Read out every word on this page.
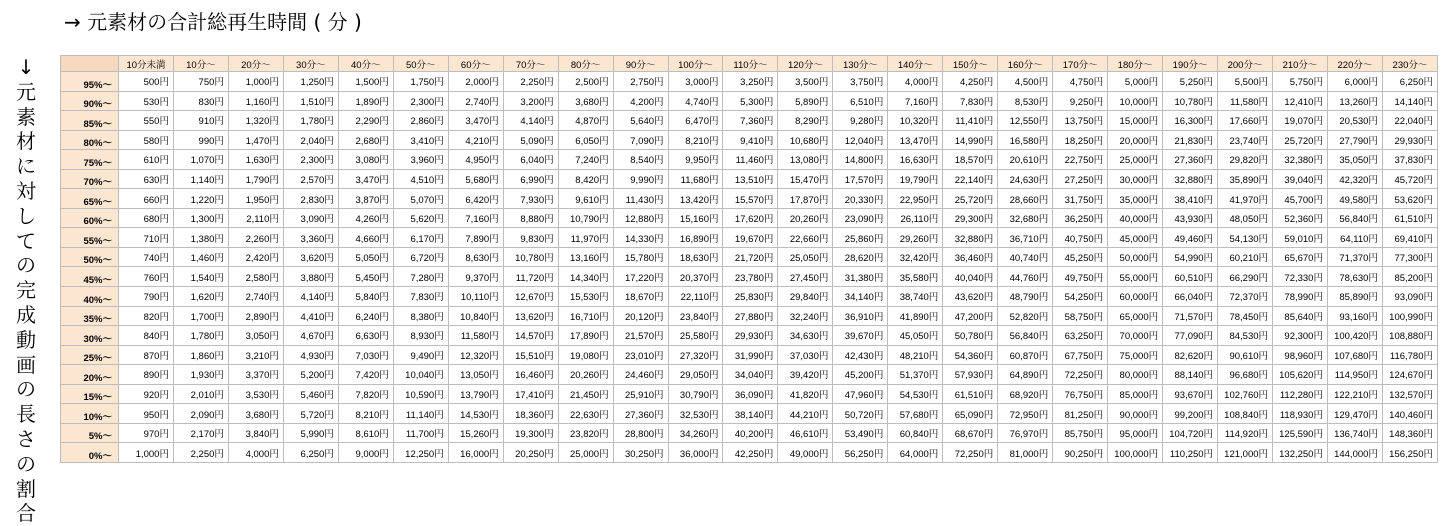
→ 元素材の合計総再生時間 ( 分 )
↓ 元素材に対しての完成動画の長さの割合
	10分未満	10分〜	20分〜	30分〜	40分〜	50分〜	60分〜	70分〜	80分〜	90分〜	100分〜	110分〜	120分〜	130分〜	140分〜	150分〜	160分〜	170分〜	180分〜	190分〜	200分〜	210分〜	220分〜	230分〜
95%〜	500円	750円	1,000円	1,250円	1,500円	1,750円	2,000円	2,250円	2,500円	2,750円	3,000円	3,250円	3,500円	3,750円	4,000円	4,250円	4,500円	4,750円	5,000円	5,250円	5,500円	5,750円	6,000円	6,250円
90%〜	530円	830円	1,160円	1,510円	1,890円	2,300円	2,740円	3,200円	3,680円	4,200円	4,740円	5,300円	5,890円	6,510円	7,160円	7,830円	8,530円	9,250円	10,000円	10,780円	11,580円	12,410円	13,260円	14,140円
85%〜	550円	910円	1,320円	1,780円	2,290円	2,860円	3,470円	4,140円	4,870円	5,640円	6,470円	7,360円	8,290円	9,280円	10,320円	11,410円	12,550円	13,750円	15,000円	16,300円	17,660円	19,070円	20,530円	22,040円
80%〜	580円	990円	1,470円	2,040円	2,680円	3,410円	4,210円	5,090円	6,050円	7,090円	8,210円	9,410円	10,680円	12,040円	13,470円	14,990円	16,580円	18,250円	20,000円	21,830円	23,740円	25,720円	27,790円	29,930円
75%〜	610円	1,070円	1,630円	2,300円	3,080円	3,960円	4,950円	6,040円	7,240円	8,540円	9,950円	11,460円	13,080円	14,800円	16,630円	18,570円	20,610円	22,750円	25,000円	27,360円	29,820円	32,380円	35,050円	37,830円
70%〜	630円	1,140円	1,790円	2,570円	3,470円	4,510円	5,680円	6,990円	8,420円	9,990円	11,680円	13,510円	15,470円	17,570円	19,790円	22,140円	24,630円	27,250円	30,000円	32,880円	35,890円	39,040円	42,320円	45,720円
65%〜	660円	1,220円	1,950円	2,830円	3,870円	5,070円	6,420円	7,930円	9,610円	11,430円	13,420円	15,570円	17,870円	20,330円	22,950円	25,720円	28,660円	31,750円	35,000円	38,410円	41,970円	45,700円	49,580円	53,620円
60%〜	680円	1,300円	2,110円	3,090円	4,260円	5,620円	7,160円	8,880円	10,790円	12,880円	15,160円	17,620円	20,260円	23,090円	26,110円	29,300円	32,680円	36,250円	40,000円	43,930円	48,050円	52,360円	56,840円	61,510円
55%〜	710円	1,380円	2,260円	3,360円	4,660円	6,170円	7,890円	9,830円	11,970円	14,330円	16,890円	19,670円	22,660円	25,860円	29,260円	32,880円	36,710円	40,750円	45,000円	49,460円	54,130円	59,010円	64,110円	69,410円
50%〜	740円	1,460円	2,420円	3,620円	5,050円	6,720円	8,630円	10,780円	13,160円	15,780円	18,630円	21,720円	25,050円	28,620円	32,420円	36,460円	40,740円	45,250円	50,000円	54,990円	60,210円	65,670円	71,370円	77,300円
45%〜	760円	1,540円	2,580円	3,880円	5,450円	7,280円	9,370円	11,720円	14,340円	17,220円	20,370円	23,780円	27,450円	31,380円	35,580円	40,040円	44,760円	49,750円	55,000円	60,510円	66,290円	72,330円	78,630円	85,200円
40%〜	790円	1,620円	2,740円	4,140円	5,840円	7,830円	10,110円	12,670円	15,530円	18,670円	22,110円	25,830円	29,840円	34,140円	38,740円	43,620円	48,790円	54,250円	60,000円	66,040円	72,370円	78,990円	85,890円	93,090円
35%〜	820円	1,700円	2,890円	4,410円	6,240円	8,380円	10,840円	13,620円	16,710円	20,120円	23,840円	27,880円	32,240円	36,910円	41,890円	47,200円	52,820円	58,750円	65,000円	71,570円	78,450円	85,640円	93,160円	100,990円
30%〜	840円	1,780円	3,050円	4,670円	6,630円	8,930円	11,580円	14,570円	17,890円	21,570円	25,580円	29,930円	34,630円	39,670円	45,050円	50,780円	56,840円	63,250円	70,000円	77,090円	84,530円	92,300円	100,420円	108,880円
25%〜	870円	1,860円	3,210円	4,930円	7,030円	9,490円	12,320円	15,510円	19,080円	23,010円	27,320円	31,990円	37,030円	42,430円	48,210円	54,360円	60,870円	67,750円	75,000円	82,620円	90,610円	98,960円	107,680円	116,780円
20%〜	890円	1,930円	3,370円	5,200円	7,420円	10,040円	13,050円	16,460円	20,260円	24,460円	29,050円	34,040円	39,420円	45,200円	51,370円	57,930円	64,890円	72,250円	80,000円	88,140円	96,680円	105,620円	114,950円	124,670円
15%〜	920円	2,010円	3,530円	5,460円	7,820円	10,590円	13,790円	17,410円	21,450円	25,910円	30,790円	36,090円	41,820円	47,960円	54,530円	61,510円	68,920円	76,750円	85,000円	93,670円	102,760円	112,280円	122,210円	132,570円
10%〜	950円	2,090円	3,680円	5,720円	8,210円	11,140円	14,530円	18,360円	22,630円	27,360円	32,530円	38,140円	44,210円	50,720円	57,680円	65,090円	72,950円	81,250円	90,000円	99,200円	108,840円	118,930円	129,470円	140,460円
5%〜	970円	2,170円	3,840円	5,990円	8,610円	11,700円	15,260円	19,300円	23,820円	28,800円	34,260円	40,200円	46,610円	53,490円	60,840円	68,670円	76,970円	85,750円	95,000円	104,720円	114,920円	125,590円	136,740円	148,360円
0%〜	1,000円	2,250円	4,000円	6,250円	9,000円	12,250円	16,000円	20,250円	25,000円	30,250円	36,000円	42,250円	49,000円	56,250円	64,000円	72,250円	81,000円	90,250円	100,000円	110,250円	121,000円	132,250円	144,000円	156,250円
